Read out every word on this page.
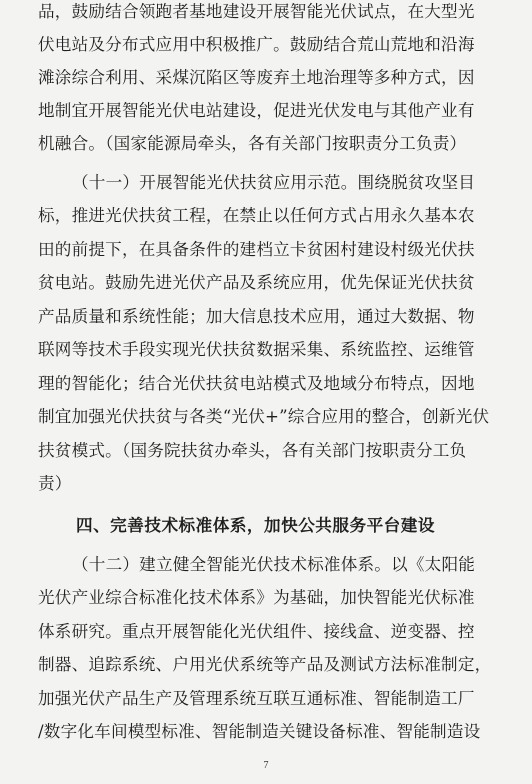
品，鼓励结合领跑者基地建设开展智能光伏试点，在大型光
伏电站及分布式应用中积极推广。鼓励结合荒山荒地和沿海
滩涂综合利用、采煤沉陷区等废弃土地治理等多种方式，因
地制宜开展智能光伏电站建设，促进光伏发电与其他产业有
机融合。（国家能源局牵头，各有关部门按职责分工负责）
（十一）开展智能光伏扶贫应用示范。围绕脱贫攻坚目
标，推进光伏扶贫工程，在禁止以任何方式占用永久基本农
田的前提下，在具备条件的建档立卡贫困村建设村级光伏扶
贫电站。鼓励先进光伏产品及系统应用，优先保证光伏扶贫
产品质量和系统性能；加大信息技术应用，通过大数据、物
联网等技术手段实现光伏扶贫数据采集、系统监控、运维管
理的智能化；结合光伏扶贫电站模式及地域分布特点，因地
制宜加强光伏扶贫与各类“光伏+”综合应用的整合，创新光伏
扶贫模式。（国务院扶贫办牵头，各有关部门按职责分工负
责）
四、完善技术标准体系，加快公共服务平台建设
（十二）建立健全智能光伏技术标准体系。以《太阳能
光伏产业综合标准化技术体系》为基础，加快智能光伏标准
体系研究。重点开展智能化光伏组件、接线盒、逆变器、控
制器、追踪系统、户用光伏系统等产品及测试方法标准制定，
加强光伏产品生产及管理系统互联互通标准、智能制造工厂
/数字化车间模型标准、智能制造关键设备标准、智能制造设
7
